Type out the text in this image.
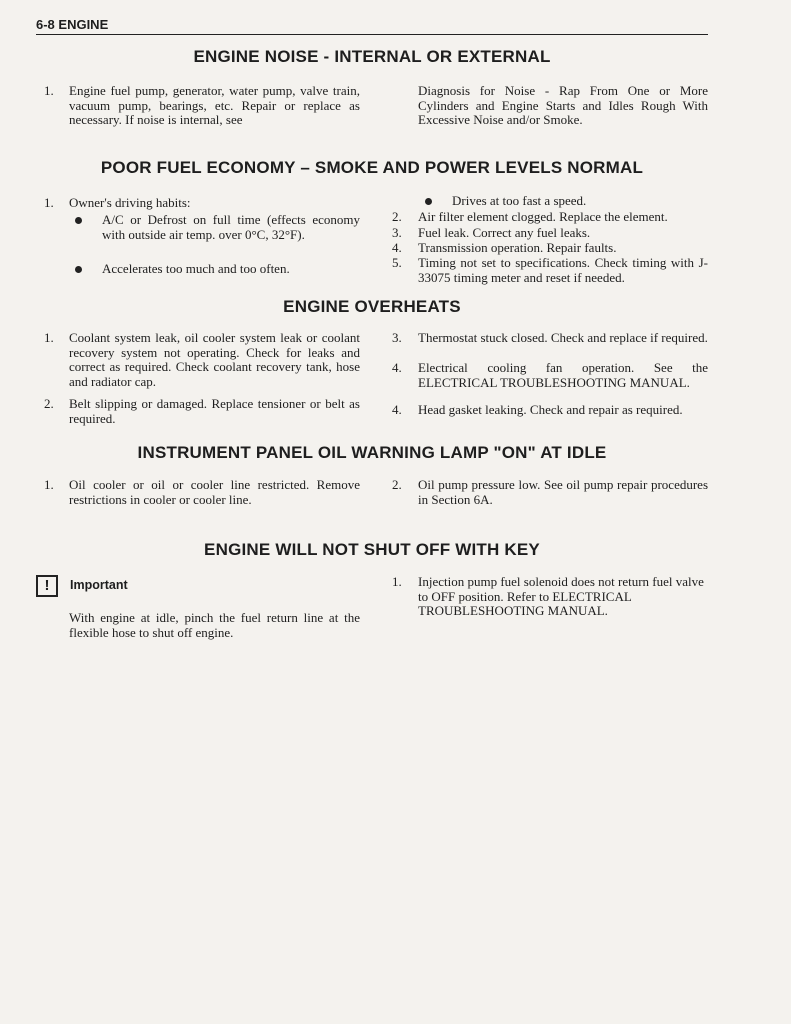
6-8 ENGINE
ENGINE NOISE - INTERNAL OR EXTERNAL
1. Engine fuel pump, generator, water pump, valve train, vacuum pump, bearings, etc. Repair or replace as necessary. If noise is internal, see
Diagnosis for Noise - Rap From One or More Cylinders and Engine Starts and Idles Rough With Excessive Noise and/or Smoke.
POOR FUEL ECONOMY – SMOKE AND POWER LEVELS NORMAL
1. Owner's driving habits:
A/C or Defrost on full time (effects economy with outside air temp. over 0°C, 32°F).
Accelerates too much and too often.
Drives at too fast a speed.
2. Air filter element clogged. Replace the element.
3. Fuel leak. Correct any fuel leaks.
4. Transmission operation. Repair faults.
5. Timing not set to specifications. Check timing with J-33075 timing meter and reset if needed.
ENGINE OVERHEATS
1. Coolant system leak, oil cooler system leak or coolant recovery system not operating. Check for leaks and correct as required. Check coolant recovery tank, hose and radiator cap.
2. Belt slipping or damaged. Replace tensioner or belt as required.
3. Thermostat stuck closed. Check and replace if required.
4. Electrical cooling fan operation. See the ELECTRICAL TROUBLESHOOTING MANUAL.
4. Head gasket leaking. Check and repair as required.
INSTRUMENT PANEL OIL WARNING LAMP "ON" AT IDLE
1. Oil cooler or oil or cooler line restricted. Remove restrictions in cooler or cooler line.
2. Oil pump pressure low. See oil pump repair procedures in Section 6A.
ENGINE WILL NOT SHUT OFF WITH KEY
!	Important
With engine at idle, pinch the fuel return line at the flexible hose to shut off engine.
1. Injection pump fuel solenoid does not return fuel valve to OFF position. Refer to ELECTRICAL TROUBLESHOOTING MANUAL.
